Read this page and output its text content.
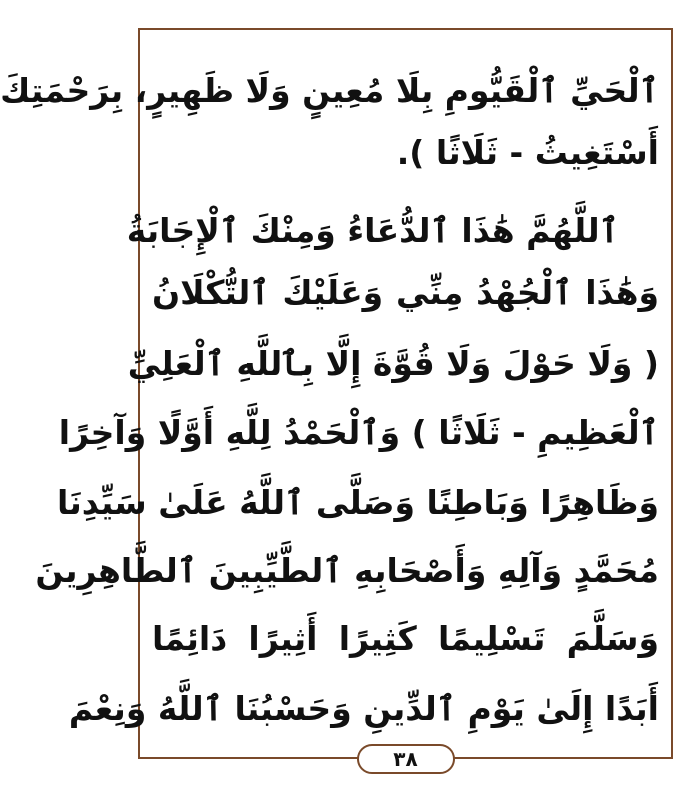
ٱلْحَيِّ ٱلْقَيُّومِ بِلَا مُعِينٍ وَلَا ظَهِيرٍ، بِرَحْمَتِكَ
أَسْتَغِيثُ - ثَلَاثًا ).
ٱللَّهُمَّ هَٰذَا ٱلدُّعَاءُ وَمِنْكَ ٱلْإِجَابَةُ
وَهَٰذَا ٱلْجُهْدُ مِنِّي وَعَلَيْكَ ٱلتُّكْلَانُ
( وَلَا حَوْلَ وَلَا قُوَّةَ إِلَّا بِٱللَّهِ ٱلْعَلِيِّ
ٱلْعَظِيمِ - ثَلَاثًا ) وَٱلْحَمْدُ لِلَّهِ أَوَّلًا وَآخِرًا
وَظَاهِرًا وَبَاطِنًا وَصَلَّى ٱللَّهُ عَلَىٰ سَيِّدِنَا
مُحَمَّدٍ وَآلِهِ وَأَصْحَابِهِ ٱلطَّيِّبِينَ ٱلطَّاهِرِينَ
وَسَلَّمَ تَسْلِيمًا كَثِيرًا أَثِيرًا دَائِمًا
أَبَدًا إِلَىٰ يَوْمِ ٱلدِّينِ وَحَسْبُنَا ٱللَّهُ وَنِعْمَ
٣٨
